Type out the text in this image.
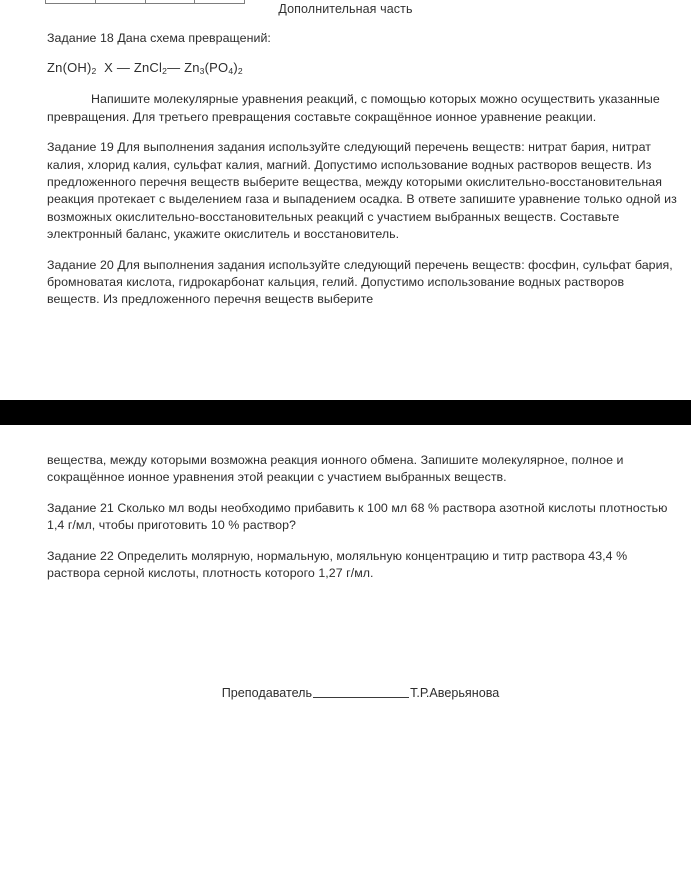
Дополнительная часть

Задание 18 Дана схема превращений:

$Zn(OH)_2$  X — ZnCl$_2$— $Zn_3(PO_4)_2$

Напишите молекулярные уравнения реакций, с помощью которых можно осуществить указанные превращения. Для третьего превращения составьте сокращённое ионное уравнение реакции.

Задание 19 Для выполнения задания используйте следующий перечень веществ: нитрат бария, нитрат калия, хлорид калия, сульфат калия, магний. Допустимо использование водных растворов веществ. Из предложенного перечня веществ выберите вещества, между которыми окислительно-восстановительная реакция протекает с выделением газа и выпадением осадка. В ответе запишите уравнение только одной из возможных окислительно-восстановительных реакций с участием выбранных веществ. Составьте электронный баланс, укажите окислитель и восстановитель.

Задание 20 Для выполнения задания используйте следующий перечень веществ: фосфин, сульфат бария, бромноватая кислота, гидрокарбонат кальция, гелий. Допустимо использование водных растворов веществ. Из предложенного перечня веществ выберите

вещества, между которыми возможна реакция ионного обмена. Запишите молекулярное, полное и сокращённое ионное уравнения этой реакции с участием выбранных веществ.

Задание 21 Сколько мл воды необходимо прибавить к 100 мл 68 % раствора азотной кислоты плотностью 1,4 г/мл, чтобы приготовить 10 % раствор?

Задание 22 Определить молярную, нормальную, моляльную концентрацию и титр раствора 43,4 % раствора серной кислоты, плотность которого 1,27 г/мл.

Преподаватель	Т.Р.Аверьянова
